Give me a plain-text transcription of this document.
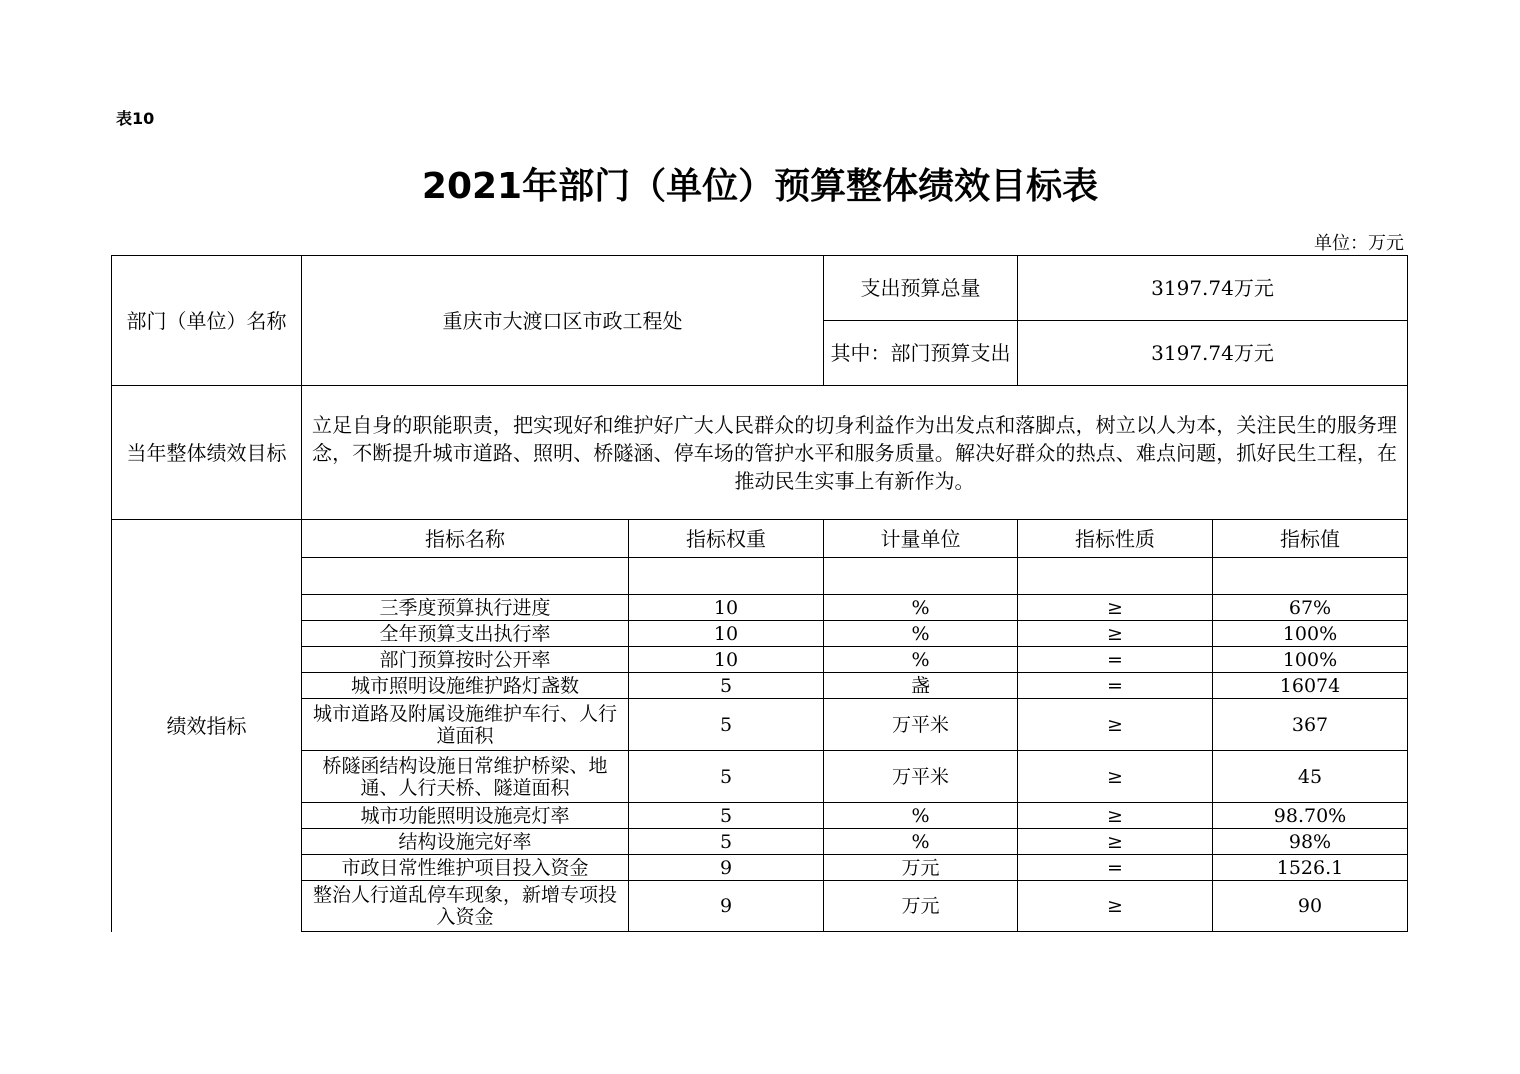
表10
2021年部门（单位）预算整体绩效目标表
单位：万元
部门（单位）名称	重庆市大渡口区市政工程处		支出预算总量	3197.74万元	
			其中：部门预算支出	3197.74万元	
当年整体绩效目标	立足自身的职能职责，把实现好和维护好广大人民群众的切身利益作为出发点和落脚点，树立以人为本，关注民生的服务理念，不断提升城市道路、照明、桥隧涵、停车场的管护水平和服务质量。解决好群众的热点、难点问题，抓好民生工程，在推动民生实事上有新作为。				
绩效指标	指标名称	指标权重	计量单位	指标性质	指标值

	三季度预算执行进度	10	%	≥	67%
	全年预算支出执行率	10	%	≥	100%
	部门预算按时公开率	10	%	=	100%
	城市照明设施维护路灯盏数	5	盏	=	16074
	城市道路及附属设施维护车行、人行道面积	5	万平米	≥	367
	桥隧函结构设施日常维护桥梁、地通、人行天桥、隧道面积	5	万平米	≥	45
	城市功能照明设施亮灯率	5	%	≥	98.70%
	结构设施完好率	5	%	≥	98%
	市政日常性维护项目投入资金	9	万元	=	1526.1
	整治人行道乱停车现象，新增专项投入资金	9	万元	≥	90
